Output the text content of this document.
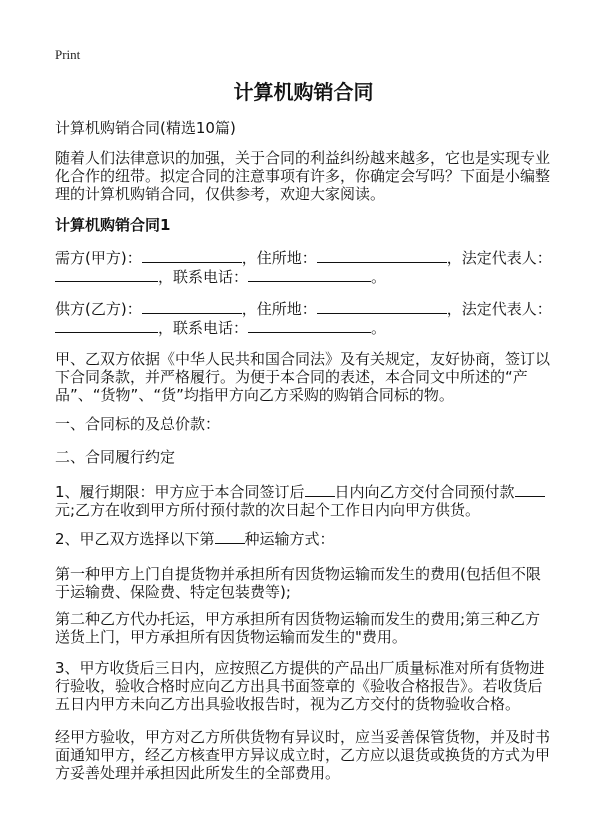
Print
计算机购销合同
计算机购销合同(精选10篇)
随着人们法律意识的加强，关于合同的利益纠纷越来越多，它也是实现专业化合作的纽带。拟定合同的注意事项有许多，你确定会写吗？下面是小编整理的计算机购销合同，仅供参考，欢迎大家阅读。
计算机购销合同1
需方(甲方)：	，住所地：	，法定代表人：
，联系电话：	。
供方(乙方)：	，住所地：	，法定代表人：
，联系电话：	。
甲、乙双方依据《中华人民共和国合同法》及有关规定，友好协商，签订以下合同条款，并严格履行。为便于本合同的表述，本合同文中所述的“产品”、“货物”、“货”均指甲方向乙方采购的购销合同标的物。
一、合同标的及总价款：
二、合同履行约定
1、履行期限：甲方应于本合同签订后 日内向乙方交付合同预付款元;乙方在收到甲方所付预付款的次日起个工作日内向甲方供货。
2、甲乙双方选择以下第 种运输方式：
第一种甲方上门自提货物并承担所有因货物运输而发生的费用(包括但不限于运输费、保险费、特定包装费等);
第二种乙方代办托运，甲方承担所有因货物运输而发生的费用;第三种乙方送货上门，甲方承担所有因货物运输而发生的"费用。
3、甲方收货后三日内，应按照乙方提供的产品出厂质量标准对所有货物进行验收，验收合格时应向乙方出具书面签章的《验收合格报告》。若收货后五日内甲方未向乙方出具验收报告时，视为乙方交付的货物验收合格。
经甲方验收，甲方对乙方所供货物有异议时，应当妥善保管货物，并及时书面通知甲方，经乙方核查甲方异议成立时，乙方应以退货或换货的方式为甲方妥善处理并承担因此所发生的全部费用。
